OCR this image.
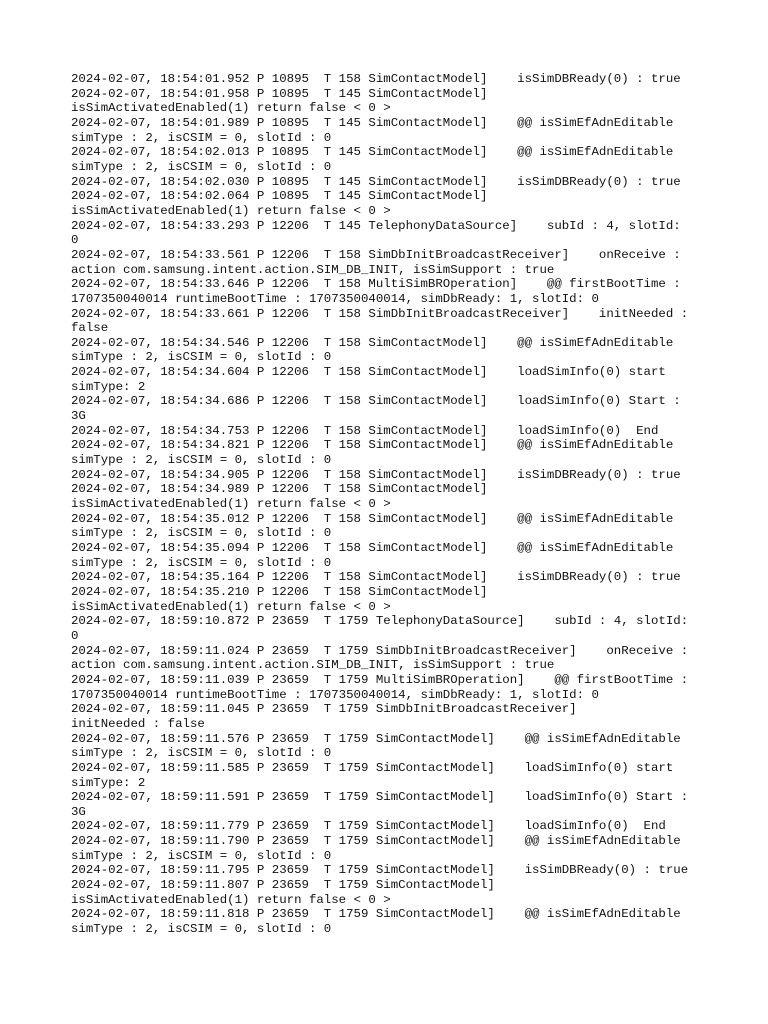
2024-02-07, 18:54:01.952 P 10895  T 158 SimContactModel]    isSimDBReady(0) : true
2024-02-07, 18:54:01.958 P 10895  T 145 SimContactModel]
isSimActivatedEnabled(1) return false < 0 >
2024-02-07, 18:54:01.989 P 10895  T 145 SimContactModel]    @@ isSimEfAdnEditable
simType : 2, isCSIM = 0, slotId : 0
2024-02-07, 18:54:02.013 P 10895  T 145 SimContactModel]    @@ isSimEfAdnEditable
simType : 2, isCSIM = 0, slotId : 0
2024-02-07, 18:54:02.030 P 10895  T 145 SimContactModel]    isSimDBReady(0) : true
2024-02-07, 18:54:02.064 P 10895  T 145 SimContactModel]
isSimActivatedEnabled(1) return false < 0 >
2024-02-07, 18:54:33.293 P 12206  T 145 TelephonyDataSource]    subId : 4, slotId:
0
2024-02-07, 18:54:33.561 P 12206  T 158 SimDbInitBroadcastReceiver]    onReceive :
action com.samsung.intent.action.SIM_DB_INIT, isSimSupport : true
2024-02-07, 18:54:33.646 P 12206  T 158 MultiSimBROperation]    @@ firstBootTime :
1707350040014 runtimeBootTime : 1707350040014, simDbReady: 1, slotId: 0
2024-02-07, 18:54:33.661 P 12206  T 158 SimDbInitBroadcastReceiver]    initNeeded :
false
2024-02-07, 18:54:34.546 P 12206  T 158 SimContactModel]    @@ isSimEfAdnEditable
simType : 2, isCSIM = 0, slotId : 0
2024-02-07, 18:54:34.604 P 12206  T 158 SimContactModel]    loadSimInfo(0) start
simType: 2
2024-02-07, 18:54:34.686 P 12206  T 158 SimContactModel]    loadSimInfo(0) Start :
3G
2024-02-07, 18:54:34.753 P 12206  T 158 SimContactModel]    loadSimInfo(0)  End
2024-02-07, 18:54:34.821 P 12206  T 158 SimContactModel]    @@ isSimEfAdnEditable
simType : 2, isCSIM = 0, slotId : 0
2024-02-07, 18:54:34.905 P 12206  T 158 SimContactModel]    isSimDBReady(0) : true
2024-02-07, 18:54:34.989 P 12206  T 158 SimContactModel]
isSimActivatedEnabled(1) return false < 0 >
2024-02-07, 18:54:35.012 P 12206  T 158 SimContactModel]    @@ isSimEfAdnEditable
simType : 2, isCSIM = 0, slotId : 0
2024-02-07, 18:54:35.094 P 12206  T 158 SimContactModel]    @@ isSimEfAdnEditable
simType : 2, isCSIM = 0, slotId : 0
2024-02-07, 18:54:35.164 P 12206  T 158 SimContactModel]    isSimDBReady(0) : true
2024-02-07, 18:54:35.210 P 12206  T 158 SimContactModel]
isSimActivatedEnabled(1) return false < 0 >
2024-02-07, 18:59:10.872 P 23659  T 1759 TelephonyDataSource]    subId : 4, slotId:
0
2024-02-07, 18:59:11.024 P 23659  T 1759 SimDbInitBroadcastReceiver]    onReceive :
action com.samsung.intent.action.SIM_DB_INIT, isSimSupport : true
2024-02-07, 18:59:11.039 P 23659  T 1759 MultiSimBROperation]    @@ firstBootTime :
1707350040014 runtimeBootTime : 1707350040014, simDbReady: 1, slotId: 0
2024-02-07, 18:59:11.045 P 23659  T 1759 SimDbInitBroadcastReceiver]
initNeeded : false
2024-02-07, 18:59:11.576 P 23659  T 1759 SimContactModel]    @@ isSimEfAdnEditable
simType : 2, isCSIM = 0, slotId : 0
2024-02-07, 18:59:11.585 P 23659  T 1759 SimContactModel]    loadSimInfo(0) start
simType: 2
2024-02-07, 18:59:11.591 P 23659  T 1759 SimContactModel]    loadSimInfo(0) Start :
3G
2024-02-07, 18:59:11.779 P 23659  T 1759 SimContactModel]    loadSimInfo(0)  End
2024-02-07, 18:59:11.790 P 23659  T 1759 SimContactModel]    @@ isSimEfAdnEditable
simType : 2, isCSIM = 0, slotId : 0
2024-02-07, 18:59:11.795 P 23659  T 1759 SimContactModel]    isSimDBReady(0) : true
2024-02-07, 18:59:11.807 P 23659  T 1759 SimContactModel]
isSimActivatedEnabled(1) return false < 0 >
2024-02-07, 18:59:11.818 P 23659  T 1759 SimContactModel]    @@ isSimEfAdnEditable
simType : 2, isCSIM = 0, slotId : 0
